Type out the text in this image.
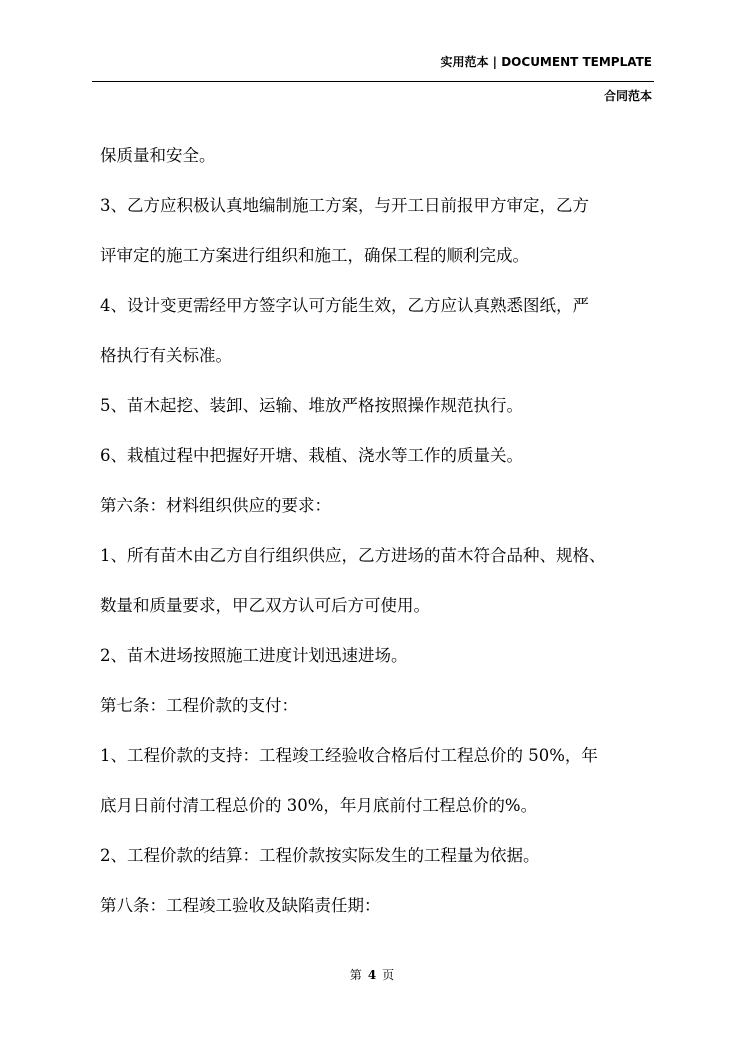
实用范本 | DOCUMENT TEMPLATE
合同范本
保质量和安全。
3、乙方应积极认真地编制施工方案，与开工日前报甲方审定，乙方
评审定的施工方案进行组织和施工，确保工程的顺利完成。
4、设计变更需经甲方签字认可方能生效，乙方应认真熟悉图纸，严
格执行有关标准。
5、苗木起挖、装卸、运输、堆放严格按照操作规范执行。
6、栽植过程中把握好开塘、栽植、浇水等工作的质量关。
第六条：材料组织供应的要求：
1、所有苗木由乙方自行组织供应，乙方进场的苗木符合品种、规格、
数量和质量要求，甲乙双方认可后方可使用。
2、苗木进场按照施工进度计划迅速进场。
第七条：工程价款的支付：
1、工程价款的支持：工程竣工经验收合格后付工程总价的 50%，年
底月日前付清工程总价的 30%，年月底前付工程总价的%。
2、工程价款的结算：工程价款按实际发生的工程量为依据。
第八条：工程竣工验收及缺陷责任期：
第 4 页
